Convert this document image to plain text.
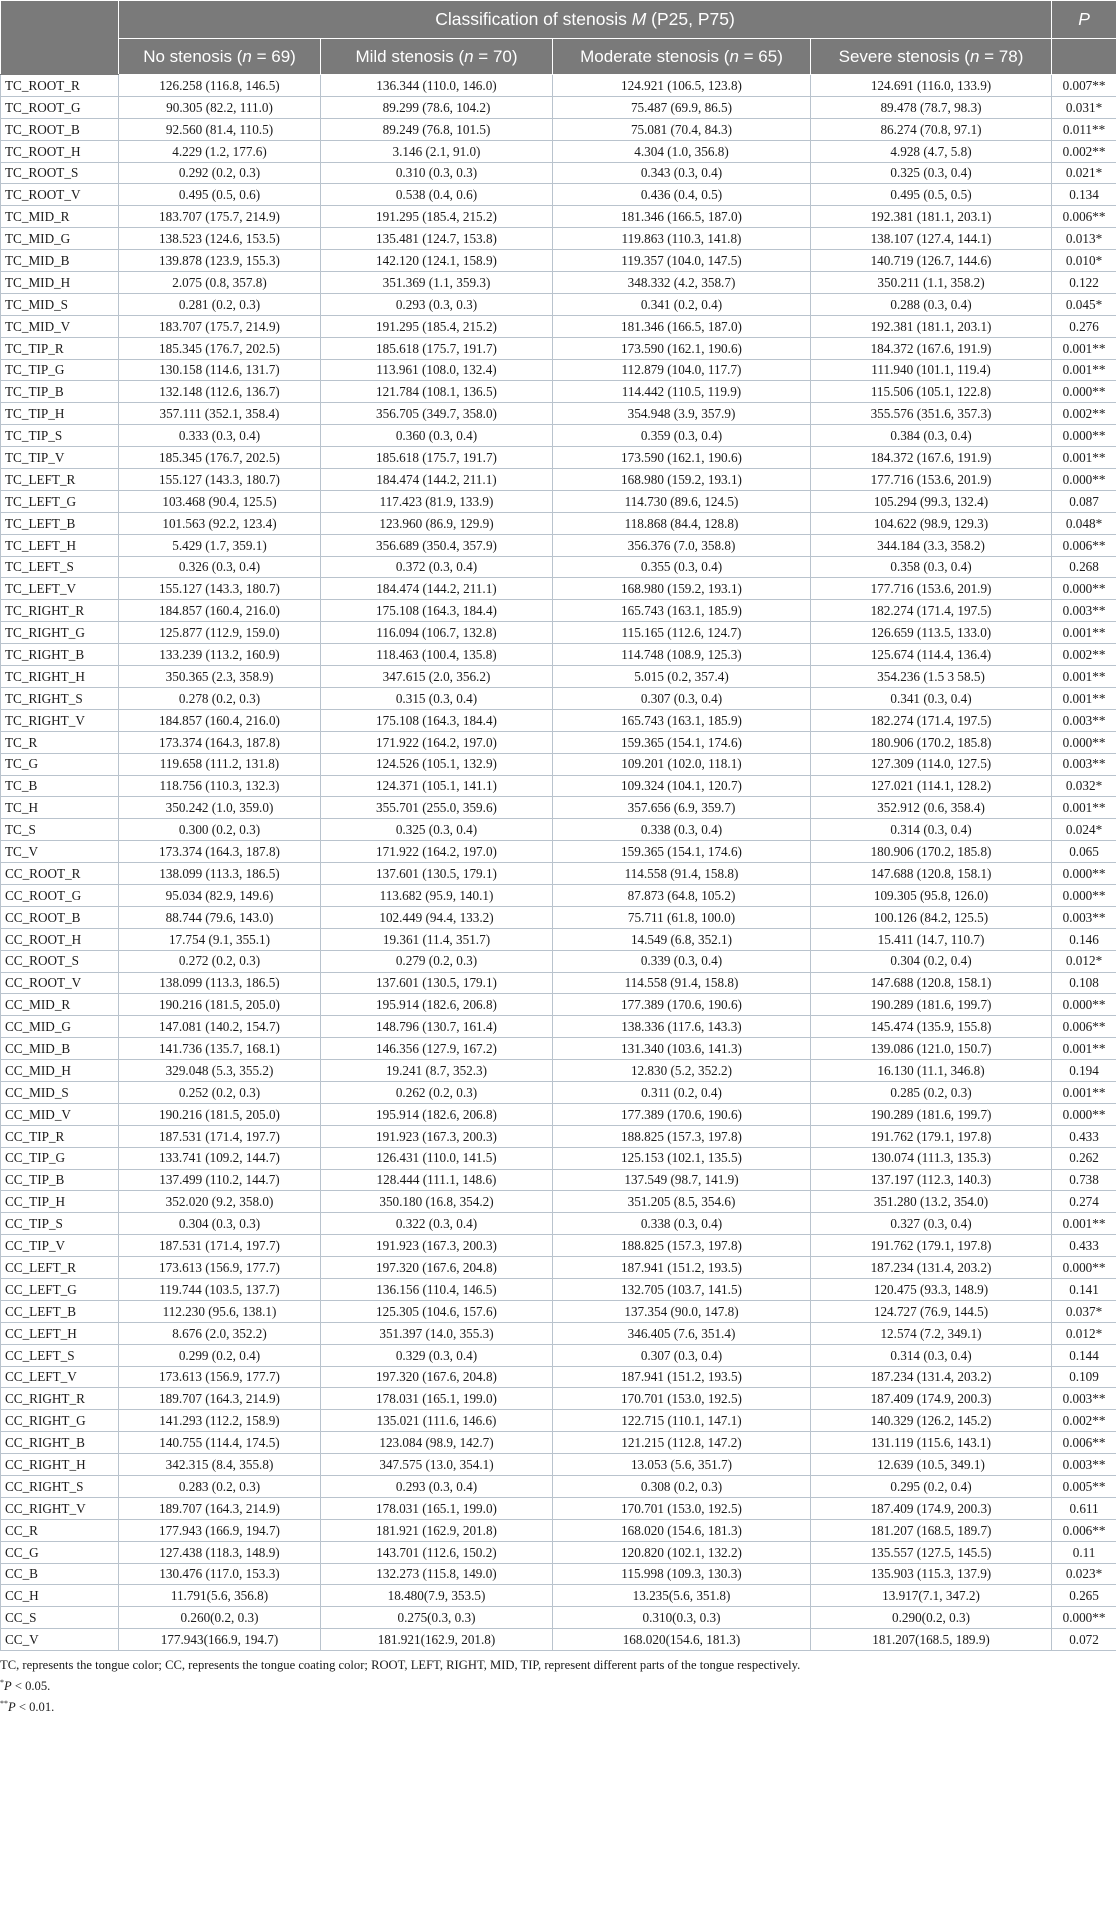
	Classification of stenosis M (P25, P75)				P
	No stenosis (n = 69)	Mild stenosis (n = 70)	Moderate stenosis (n = 65)	Severe stenosis (n = 78)	
TC_ROOT_R	126.258 (116.8, 146.5)	136.344 (110.0, 146.0)	124.921 (106.5, 123.8)	124.691 (116.0, 133.9)	0.007**
TC_ROOT_G	90.305 (82.2, 111.0)	89.299 (78.6, 104.2)	75.487 (69.9, 86.5)	89.478 (78.7, 98.3)	0.031*
TC_ROOT_B	92.560 (81.4, 110.5)	89.249 (76.8, 101.5)	75.081 (70.4, 84.3)	86.274 (70.8, 97.1)	0.011**
TC_ROOT_H	4.229 (1.2, 177.6)	3.146 (2.1, 91.0)	4.304 (1.0, 356.8)	4.928 (4.7, 5.8)	0.002**
TC_ROOT_S	0.292 (0.2, 0.3)	0.310 (0.3, 0.3)	0.343 (0.3, 0.4)	0.325 (0.3, 0.4)	0.021*
TC_ROOT_V	0.495 (0.5, 0.6)	0.538 (0.4, 0.6)	0.436 (0.4, 0.5)	0.495 (0.5, 0.5)	0.134
TC_MID_R	183.707 (175.7, 214.9)	191.295 (185.4, 215.2)	181.346 (166.5, 187.0)	192.381 (181.1, 203.1)	0.006**
TC_MID_G	138.523 (124.6, 153.5)	135.481 (124.7, 153.8)	119.863 (110.3, 141.8)	138.107 (127.4, 144.1)	0.013*
TC_MID_B	139.878 (123.9, 155.3)	142.120 (124.1, 158.9)	119.357 (104.0, 147.5)	140.719 (126.7, 144.6)	0.010*
TC_MID_H	2.075 (0.8, 357.8)	351.369 (1.1, 359.3)	348.332 (4.2, 358.7)	350.211 (1.1, 358.2)	0.122
TC_MID_S	0.281 (0.2, 0.3)	0.293 (0.3, 0.3)	0.341 (0.2, 0.4)	0.288 (0.3, 0.4)	0.045*
TC_MID_V	183.707 (175.7, 214.9)	191.295 (185.4, 215.2)	181.346 (166.5, 187.0)	192.381 (181.1, 203.1)	0.276
TC_TIP_R	185.345 (176.7, 202.5)	185.618 (175.7, 191.7)	173.590 (162.1, 190.6)	184.372 (167.6, 191.9)	0.001**
TC_TIP_G	130.158 (114.6, 131.7)	113.961 (108.0, 132.4)	112.879 (104.0, 117.7)	111.940 (101.1, 119.4)	0.001**
TC_TIP_B	132.148 (112.6, 136.7)	121.784 (108.1, 136.5)	114.442 (110.5, 119.9)	115.506 (105.1, 122.8)	0.000**
TC_TIP_H	357.111 (352.1, 358.4)	356.705 (349.7, 358.0)	354.948 (3.9, 357.9)	355.576 (351.6, 357.3)	0.002**
TC_TIP_S	0.333 (0.3, 0.4)	0.360 (0.3, 0.4)	0.359 (0.3, 0.4)	0.384 (0.3, 0.4)	0.000**
TC_TIP_V	185.345 (176.7, 202.5)	185.618 (175.7, 191.7)	173.590 (162.1, 190.6)	184.372 (167.6, 191.9)	0.001**
TC_LEFT_R	155.127 (143.3, 180.7)	184.474 (144.2, 211.1)	168.980 (159.2, 193.1)	177.716 (153.6, 201.9)	0.000**
TC_LEFT_G	103.468 (90.4, 125.5)	117.423 (81.9, 133.9)	114.730 (89.6, 124.5)	105.294 (99.3, 132.4)	0.087
TC_LEFT_B	101.563 (92.2, 123.4)	123.960 (86.9, 129.9)	118.868 (84.4, 128.8)	104.622 (98.9, 129.3)	0.048*
TC_LEFT_H	5.429 (1.7, 359.1)	356.689 (350.4, 357.9)	356.376 (7.0, 358.8)	344.184 (3.3, 358.2)	0.006**
TC_LEFT_S	0.326 (0.3, 0.4)	0.372 (0.3, 0.4)	0.355 (0.3, 0.4)	0.358 (0.3, 0.4)	0.268
TC_LEFT_V	155.127 (143.3, 180.7)	184.474 (144.2, 211.1)	168.980 (159.2, 193.1)	177.716 (153.6, 201.9)	0.000**
TC_RIGHT_R	184.857 (160.4, 216.0)	175.108 (164.3, 184.4)	165.743 (163.1, 185.9)	182.274 (171.4, 197.5)	0.003**
TC_RIGHT_G	125.877 (112.9, 159.0)	116.094 (106.7, 132.8)	115.165 (112.6, 124.7)	126.659 (113.5, 133.0)	0.001**
TC_RIGHT_B	133.239 (113.2, 160.9)	118.463 (100.4, 135.8)	114.748 (108.9, 125.3)	125.674 (114.4, 136.4)	0.002**
TC_RIGHT_H	350.365 (2.3, 358.9)	347.615 (2.0, 356.2)	5.015 (0.2, 357.4)	354.236 (1.5 3 58.5)	0.001**
TC_RIGHT_S	0.278 (0.2, 0.3)	0.315 (0.3, 0.4)	0.307 (0.3, 0.4)	0.341 (0.3, 0.4)	0.001**
TC_RIGHT_V	184.857 (160.4, 216.0)	175.108 (164.3, 184.4)	165.743 (163.1, 185.9)	182.274 (171.4, 197.5)	0.003**
TC_R	173.374 (164.3, 187.8)	171.922 (164.2, 197.0)	159.365 (154.1, 174.6)	180.906 (170.2, 185.8)	0.000**
TC_G	119.658 (111.2, 131.8)	124.526 (105.1, 132.9)	109.201 (102.0, 118.1)	127.309 (114.0, 127.5)	0.003**
TC_B	118.756 (110.3, 132.3)	124.371 (105.1, 141.1)	109.324 (104.1, 120.7)	127.021 (114.1, 128.2)	0.032*
TC_H	350.242 (1.0, 359.0)	355.701 (255.0, 359.6)	357.656 (6.9, 359.7)	352.912 (0.6, 358.4)	0.001**
TC_S	0.300 (0.2, 0.3)	0.325 (0.3, 0.4)	0.338 (0.3, 0.4)	0.314 (0.3, 0.4)	0.024*
TC_V	173.374 (164.3, 187.8)	171.922 (164.2, 197.0)	159.365 (154.1, 174.6)	180.906 (170.2, 185.8)	0.065
CC_ROOT_R	138.099 (113.3, 186.5)	137.601 (130.5, 179.1)	114.558 (91.4, 158.8)	147.688 (120.8, 158.1)	0.000**
CC_ROOT_G	95.034 (82.9, 149.6)	113.682 (95.9, 140.1)	87.873 (64.8, 105.2)	109.305 (95.8, 126.0)	0.000**
CC_ROOT_B	88.744 (79.6, 143.0)	102.449 (94.4, 133.2)	75.711 (61.8, 100.0)	100.126 (84.2, 125.5)	0.003**
CC_ROOT_H	17.754 (9.1, 355.1)	19.361 (11.4, 351.7)	14.549 (6.8, 352.1)	15.411 (14.7, 110.7)	0.146
CC_ROOT_S	0.272 (0.2, 0.3)	0.279 (0.2, 0.3)	0.339 (0.3, 0.4)	0.304 (0.2, 0.4)	0.012*
CC_ROOT_V	138.099 (113.3, 186.5)	137.601 (130.5, 179.1)	114.558 (91.4, 158.8)	147.688 (120.8, 158.1)	0.108
CC_MID_R	190.216 (181.5, 205.0)	195.914 (182.6, 206.8)	177.389 (170.6, 190.6)	190.289 (181.6, 199.7)	0.000**
CC_MID_G	147.081 (140.2, 154.7)	148.796 (130.7, 161.4)	138.336 (117.6, 143.3)	145.474 (135.9, 155.8)	0.006**
CC_MID_B	141.736 (135.7, 168.1)	146.356 (127.9, 167.2)	131.340 (103.6, 141.3)	139.086 (121.0, 150.7)	0.001**
CC_MID_H	329.048 (5.3, 355.2)	19.241 (8.7, 352.3)	12.830 (5.2, 352.2)	16.130 (11.1, 346.8)	0.194
CC_MID_S	0.252 (0.2, 0.3)	0.262 (0.2, 0.3)	0.311 (0.2, 0.4)	0.285 (0.2, 0.3)	0.001**
CC_MID_V	190.216 (181.5, 205.0)	195.914 (182.6, 206.8)	177.389 (170.6, 190.6)	190.289 (181.6, 199.7)	0.000**
CC_TIP_R	187.531 (171.4, 197.7)	191.923 (167.3, 200.3)	188.825 (157.3, 197.8)	191.762 (179.1, 197.8)	0.433
CC_TIP_G	133.741 (109.2, 144.7)	126.431 (110.0, 141.5)	125.153 (102.1, 135.5)	130.074 (111.3, 135.3)	0.262
CC_TIP_B	137.499 (110.2, 144.7)	128.444 (111.1, 148.6)	137.549 (98.7, 141.9)	137.197 (112.3, 140.3)	0.738
CC_TIP_H	352.020 (9.2, 358.0)	350.180 (16.8, 354.2)	351.205 (8.5, 354.6)	351.280 (13.2, 354.0)	0.274
CC_TIP_S	0.304 (0.3, 0.3)	0.322 (0.3, 0.4)	0.338 (0.3, 0.4)	0.327 (0.3, 0.4)	0.001**
CC_TIP_V	187.531 (171.4, 197.7)	191.923 (167.3, 200.3)	188.825 (157.3, 197.8)	191.762 (179.1, 197.8)	0.433
CC_LEFT_R	173.613 (156.9, 177.7)	197.320 (167.6, 204.8)	187.941 (151.2, 193.5)	187.234 (131.4, 203.2)	0.000**
CC_LEFT_G	119.744 (103.5, 137.7)	136.156 (110.4, 146.5)	132.705 (103.7, 141.5)	120.475 (93.3, 148.9)	0.141
CC_LEFT_B	112.230 (95.6, 138.1)	125.305 (104.6, 157.6)	137.354 (90.0, 147.8)	124.727 (76.9, 144.5)	0.037*
CC_LEFT_H	8.676 (2.0, 352.2)	351.397 (14.0, 355.3)	346.405 (7.6, 351.4)	12.574 (7.2, 349.1)	0.012*
CC_LEFT_S	0.299 (0.2, 0.4)	0.329 (0.3, 0.4)	0.307 (0.3, 0.4)	0.314 (0.3, 0.4)	0.144
CC_LEFT_V	173.613 (156.9, 177.7)	197.320 (167.6, 204.8)	187.941 (151.2, 193.5)	187.234 (131.4, 203.2)	0.109
CC_RIGHT_R	189.707 (164.3, 214.9)	178.031 (165.1, 199.0)	170.701 (153.0, 192.5)	187.409 (174.9, 200.3)	0.003**
CC_RIGHT_G	141.293 (112.2, 158.9)	135.021 (111.6, 146.6)	122.715 (110.1, 147.1)	140.329 (126.2, 145.2)	0.002**
CC_RIGHT_B	140.755 (114.4, 174.5)	123.084 (98.9, 142.7)	121.215 (112.8, 147.2)	131.119 (115.6, 143.1)	0.006**
CC_RIGHT_H	342.315 (8.4, 355.8)	347.575 (13.0, 354.1)	13.053 (5.6, 351.7)	12.639 (10.5, 349.1)	0.003**
CC_RIGHT_S	0.283 (0.2, 0.3)	0.293 (0.3, 0.4)	0.308 (0.2, 0.3)	0.295 (0.2, 0.4)	0.005**
CC_RIGHT_V	189.707 (164.3, 214.9)	178.031 (165.1, 199.0)	170.701 (153.0, 192.5)	187.409 (174.9, 200.3)	0.611
CC_R	177.943 (166.9, 194.7)	181.921 (162.9, 201.8)	168.020 (154.6, 181.3)	181.207 (168.5, 189.7)	0.006**
CC_G	127.438 (118.3, 148.9)	143.701 (112.6, 150.2)	120.820 (102.1, 132.2)	135.557 (127.5, 145.5)	0.11
CC_B	130.476 (117.0, 153.3)	132.273 (115.8, 149.0)	115.998 (109.3, 130.3)	135.903 (115.3, 137.9)	0.023*
CC_H	11.791(5.6, 356.8)	18.480(7.9, 353.5)	13.235(5.6, 351.8)	13.917(7.1, 347.2)	0.265
CC_S	0.260(0.2, 0.3)	0.275(0.3, 0.3)	0.310(0.3, 0.3)	0.290(0.2, 0.3)	0.000**
CC_V	177.943(166.9, 194.7)	181.921(162.9, 201.8)	168.020(154.6, 181.3)	181.207(168.5, 189.9)	0.072
TC, represents the tongue color; CC, represents the tongue coating color; ROOT, LEFT, RIGHT, MID, TIP, represent different parts of the tongue respectively.
*P < 0.05.
**P < 0.01.
